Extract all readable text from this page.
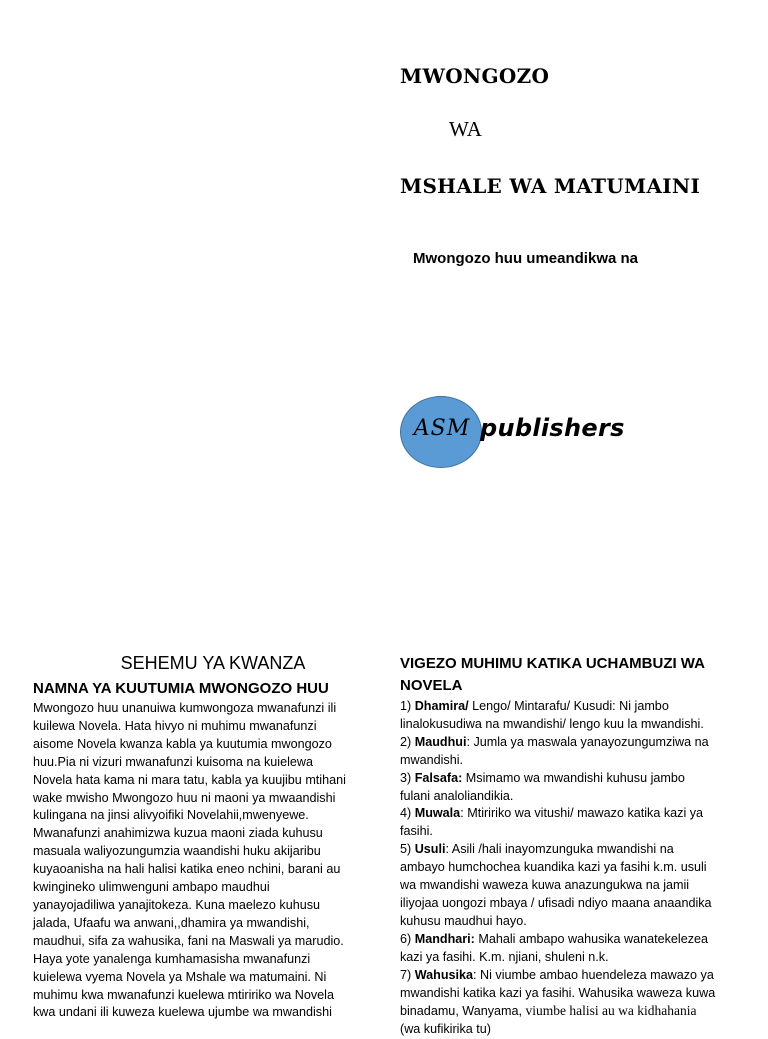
MWONGOZO
WA
MSHALE WA MATUMAINI
Mwongozo huu umeandikwa na
ASM publishers
SEHEMU YA KWANZA
NAMNA YA KUUTUMIA MWONGOZO HUU
Mwongozo huu unanuiwa kumwongoza mwanafunzi ili
kuilewa Novela. Hata hivyo ni muhimu mwanafunzi
aisome Novela kwanza kabla ya kuutumia mwongozo
huu.Pia ni vizuri mwanafunzi kuisoma na kuielewa
Novela hata kama ni mara tatu, kabla ya kuujibu mtihani
wake mwisho Mwongozo huu ni maoni ya mwaandishi
kulingana na jinsi alivyoifiki Novelahii,mwenyewe.
Mwanafunzi anahimizwa kuzua maoni ziada kuhusu
masuala waliyozungumzia waandishi huku akijaribu
kuyaoanisha na hali halisi katika eneo nchini, barani au
kwingineko ulimwenguni ambapo maudhui
yanayojadiliwa yanajitokeza. Kuna maelezo kuhusu
jalada, Ufaafu wa anwani,,dhamira ya mwandishi,
maudhui, sifa za wahusika, fani na Maswali ya marudio.
Haya yote yanalenga kumhamasisha mwanafunzi
kuielewa vyema Novela ya Mshale wa matumaini. Ni
muhimu kwa mwanafunzi kuelewa mtiririko wa Novela
kwa undani ili kuweza kuelewa ujumbe wa mwandishi
VIGEZO MUHIMU KATIKA UCHAMBUZI WA NOVELA
1) Dhamira/ Lengo/ Mintarafu/ Kusudi: Ni jambo
linalokusudiwa na mwandishi/ lengo kuu la mwandishi.
2) Maudhui: Jumla ya maswala yanayozungumziwa na
mwandishi.
3) Falsafa: Msimamo wa mwandishi kuhusu jambo
fulani analoliandikia.
4) Muwala: Mtiririko wa vitushi/ mawazo katika kazi ya
fasihi.
5) Usuli: Asili /hali inayomzunguka mwandishi na
ambayo humchochea kuandika kazi ya fasihi k.m. usuli
wa mwandishi waweza kuwa anazungukwa na jamii
iliyojaa uongozi mbaya / ufisadi ndiyo maana anaandika
kuhusu maudhui hayo.
6) Mandhari: Mahali ambapo wahusika wanatekelezea
kazi ya fasihi. K.m. njiani, shuleni n.k.
7) Wahusika: Ni viumbe ambao huendeleza mawazo ya
mwandishi katika kazi ya fasihi. Wahusika waweza kuwa
binadamu, Wanyama, viumbe halisi au wa kidhahania
(wa kufikirika tu)
